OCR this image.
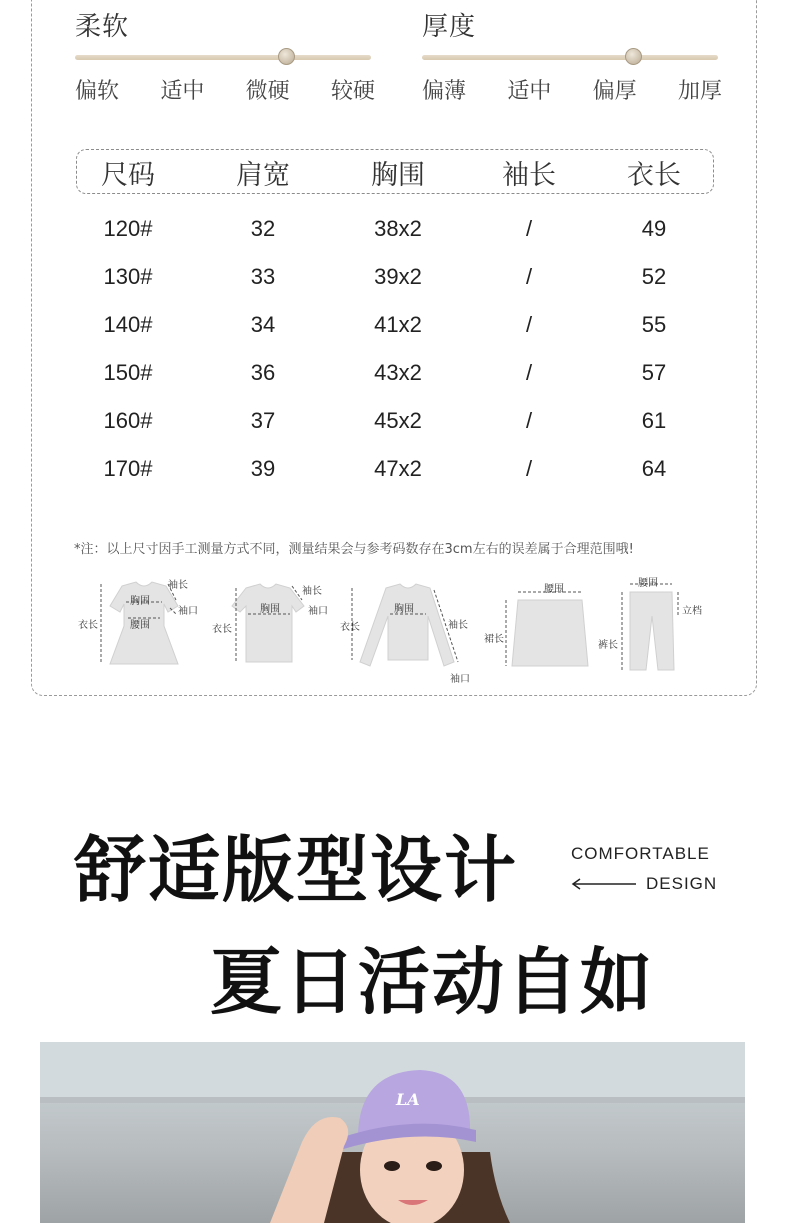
柔软
偏软 适中 微硬 较硬
厚度
偏薄 适中 偏厚 加厚
尺码	肩宽	胸围	袖长	衣长
120#	32	38x2	/	49
130#	33	39x2	/	52
140#	34	41x2	/	55
150#	36	43x2	/	57
160#	37	45x2	/	61
170#	39	47x2	/	64
*注：以上尺寸因手工测量方式不同，测量结果会与参考码数存在3cm左右的误差属于合理范围哦!
袖长
胸围
袖口
衣长	腰围
袖长
胸围	袖口
衣长
胸围
袖长
衣长
袖口
腰围
裙长
腰围
立档
裤长
舒适版型设计	COMFORTABLE
DESIGN
夏日活动自如
LA
